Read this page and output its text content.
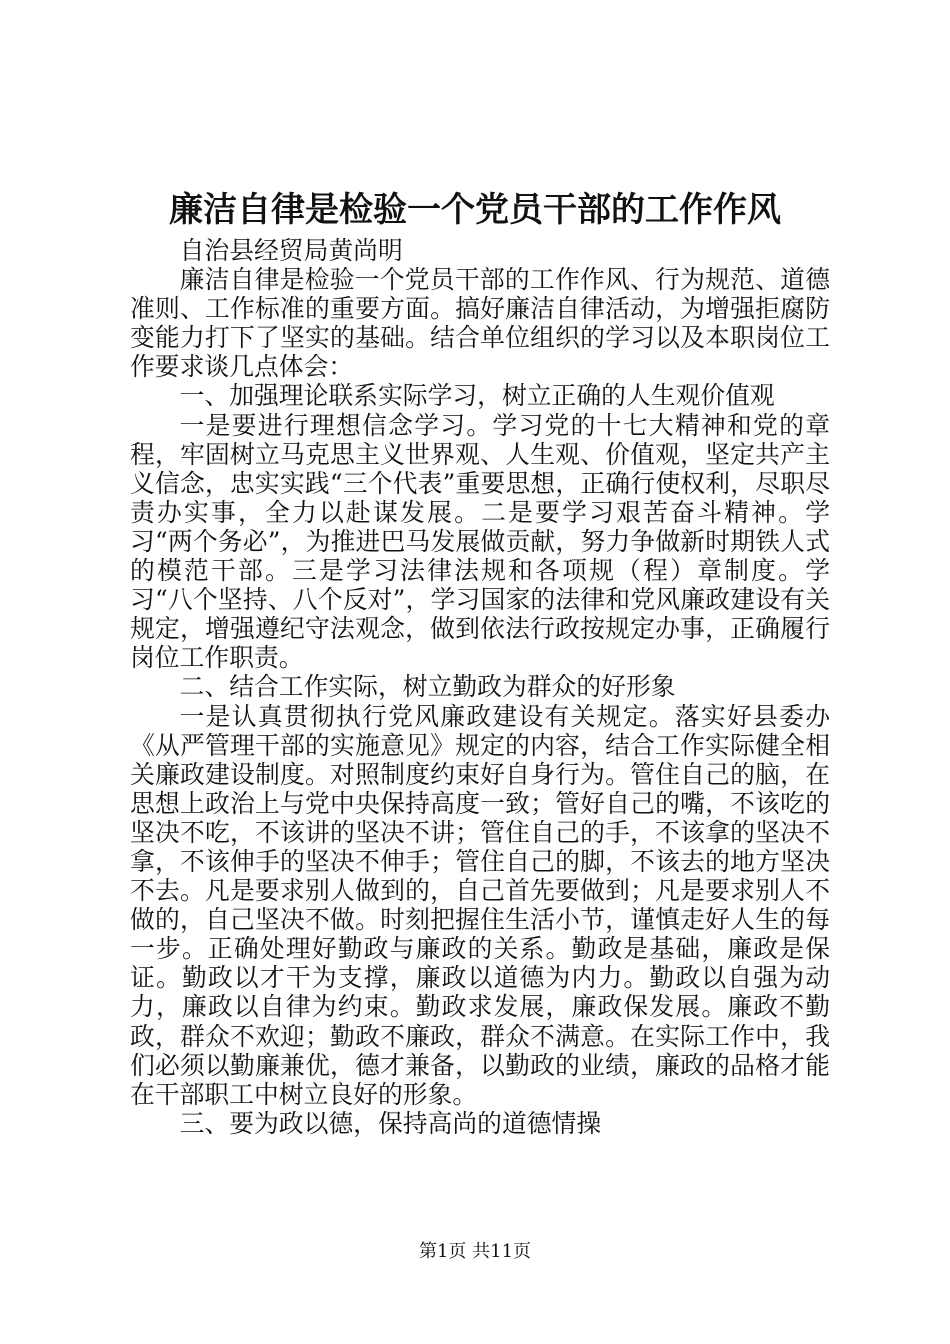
廉洁自律是检验一个党员干部的工作作风

自治县经贸局黄尚明

廉洁自律是检验一个党员干部的工作作风、行为规范、道德准则、工作标准的重要方面。搞好廉洁自律活动，为增强拒腐防变能力打下了坚实的基础。结合单位组织的学习以及本职岗位工作要求谈几点体会：

一、加强理论联系实际学习，树立正确的人生观价值观

一是要进行理想信念学习。学习党的十七大精神和党的章程，牢固树立马克思主义世界观、人生观、价值观，坚定共产主义信念，忠实实践“三个代表”重要思想，正确行使权利，尽职尽责办实事，全力以赴谋发展。二是要学习艰苦奋斗精神。学习“两个务必”，为推进巴马发展做贡献，努力争做新时期铁人式的模范干部。三是学习法律法规和各项规（程）章制度。学习“八个坚持、八个反对”，学习国家的法律和党风廉政建设有关规定，增强遵纪守法观念，做到依法行政按规定办事，正确履行岗位工作职责。

二、结合工作实际，树立勤政为群众的好形象

一是认真贯彻执行党风廉政建设有关规定。落实好县委办《从严管理干部的实施意见》规定的内容，结合工作实际健全相关廉政建设制度。对照制度约束好自身行为。管住自己的脑，在思想上政治上与党中央保持高度一致；管好自己的嘴，不该吃的坚决不吃，不该讲的坚决不讲；管住自己的手，不该拿的坚决不拿，不该伸手的坚决不伸手；管住自己的脚，不该去的地方坚决不去。凡是要求别人做到的，自己首先要做到；凡是要求别人不做的，自己坚决不做。时刻把握住生活小节，谨慎走好人生的每一步。正确处理好勤政与廉政的关系。勤政是基础，廉政是保证。勤政以才干为支撑，廉政以道德为内力。勤政以自强为动力，廉政以自律为约束。勤政求发展，廉政保发展。廉政不勤政，群众不欢迎；勤政不廉政，群众不满意。在实际工作中，我们必须以勤廉兼优，德才兼备，以勤政的业绩，廉政的品格才能在干部职工中树立良好的形象。

三、要为政以德，保持高尚的道德情操

第1页 共11页
